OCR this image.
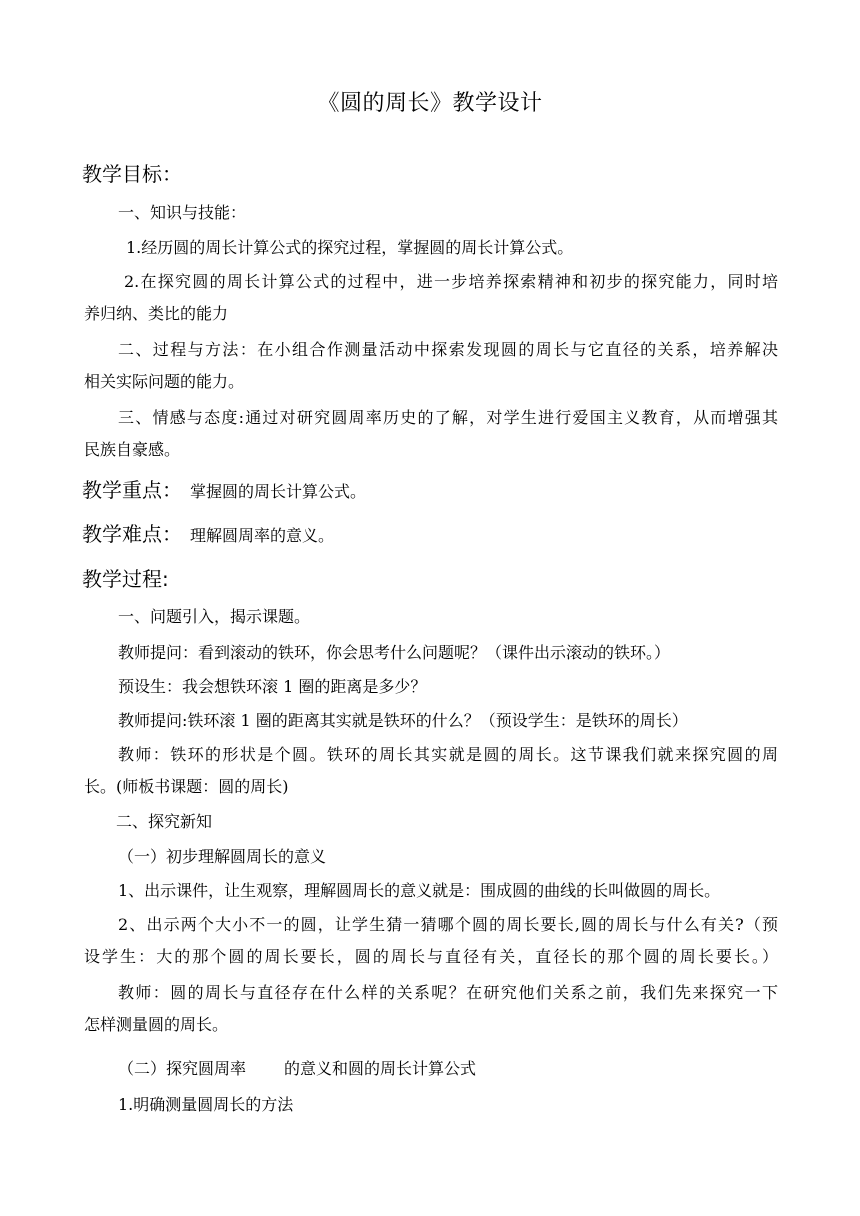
《圆的周长》教学设计
教学目标：
一、知识与技能：
1.经历圆的周长计算公式的探究过程，掌握圆的周长计算公式。
2.在探究圆的周长计算公式的过程中，进一步培养探索精神和初步的探究能力，同时培
养归纳、类比的能力
二、过程与方法：在小组合作测量活动中探索发现圆的周长与它直径的关系，培养解决
相关实际问题的能力。
三、情感与态度:通过对研究圆周率历史的了解，对学生进行爱国主义教育，从而增强其
民族自豪感。
教学重点： 掌握圆的周长计算公式。
教学难点： 理解圆周率的意义。
教学过程:
一、问题引入，揭示课题。
教师提问：看到滚动的铁环，你会思考什么问题呢？（课件出示滚动的铁环。）
预设生：我会想铁环滚 1 圈的距离是多少？
教师提问:铁环滚 1 圈的距离其实就是铁环的什么？（预设学生：是铁环的周长）
教师：铁环的形状是个圆。铁环的周长其实就是圆的周长。这节课我们就来探究圆的周
长。(师板书课题：圆的周长)
二、探究新知
（一）初步理解圆周长的意义
1、出示课件，让生观察，理解圆周长的意义就是：围成圆的曲线的长叫做圆的周长。
2、出示两个大小不一的圆，让学生猜一猜哪个圆的周长要长,圆的周长与什么有关?（预
设学生：大的那个圆的周长要长，圆的周长与直径有关，直径长的那个圆的周长要长。）
教师：圆的周长与直径存在什么样的关系呢？在研究他们关系之前，我们先来探究一下
怎样测量圆的周长。
（二）探究圆周率 的意义和圆的周长计算公式
1.明确测量圆周长的方法
